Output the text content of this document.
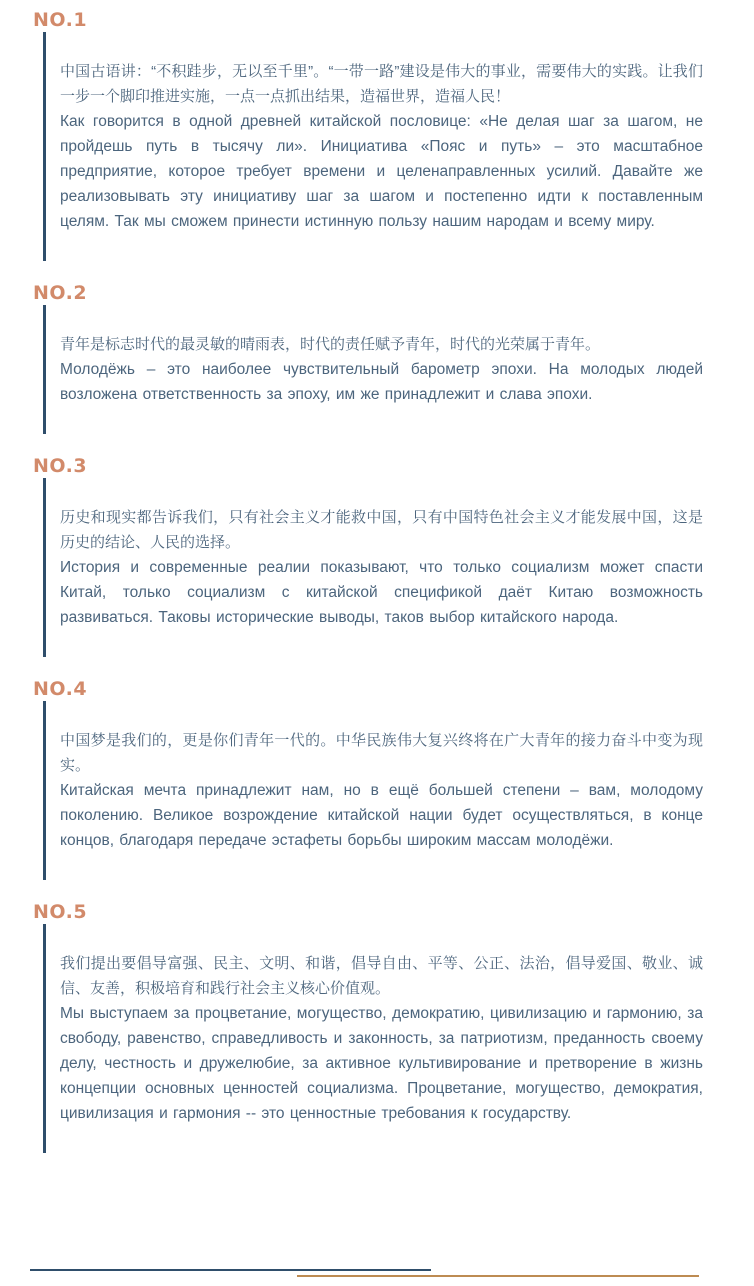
NO.1

中国古语讲：“不积跬步，无以至千里”。“一带一路”建设是伟大的事业，需要伟大的实践。让我们一步一个脚印推进实施，一点一点抓出结果，造福世界，造福人民！

Как говорится в одной древней китайской пословице: «Не делая шаг за шагом, не пройдешь путь в тысячу ли». Инициатива «Пояс и путь» – это масштабное предприятие, которое требует времени и целенаправленных усилий. Давайте же реализовывать эту инициативу шаг за шагом и постепенно идти к поставленным целям. Так мы сможем принести истинную пользу нашим народам и всему миру.

NO.2

青年是标志时代的最灵敏的晴雨表，时代的责任赋予青年，时代的光荣属于青年。

Молодёжь – это наиболее чувствительный барометр эпохи. На молодых людей возложена ответственность за эпоху, им же принадлежит и слава эпохи.

NO.3

历史和现实都告诉我们，只有社会主义才能救中国，只有中国特色社会主义才能发展中国，这是历史的结论、人民的选择。

История и современные реалии показывают, что только социализм может спасти Китай, только социализм с китайской спецификой даёт Китаю возможность развиваться. Таковы исторические выводы, таков выбор китайского народа.

NO.4

中国梦是我们的，更是你们青年一代的。中华民族伟大复兴终将在广大青年的接力奋斗中变为现实。

Китайская мечта принадлежит нам, но в ещё большей степени – вам, молодому поколению. Великое возрождение китайской нации будет осуществляться, в конце концов, благодаря передаче эстафеты борьбы широким массам молодёжи.

NO.5

我们提出要倡导富强、民主、文明、和谐，倡导自由、平等、公正、法治，倡导爱国、敬业、诚信、友善，积极培育和践行社会主义核心价值观。

Мы выступаем за процветание, могущество, демократию, цивилизацию и гармонию, за свободу, равенство, справедливость и законность, за патриотизм, преданность своему делу, честность и дружелюбие, за активное культивирование и претворение в жизнь концепции основных ценностей социализма. Процветание, могущество, демократия, цивилизация и гармония -- это ценностные требования к государству.
